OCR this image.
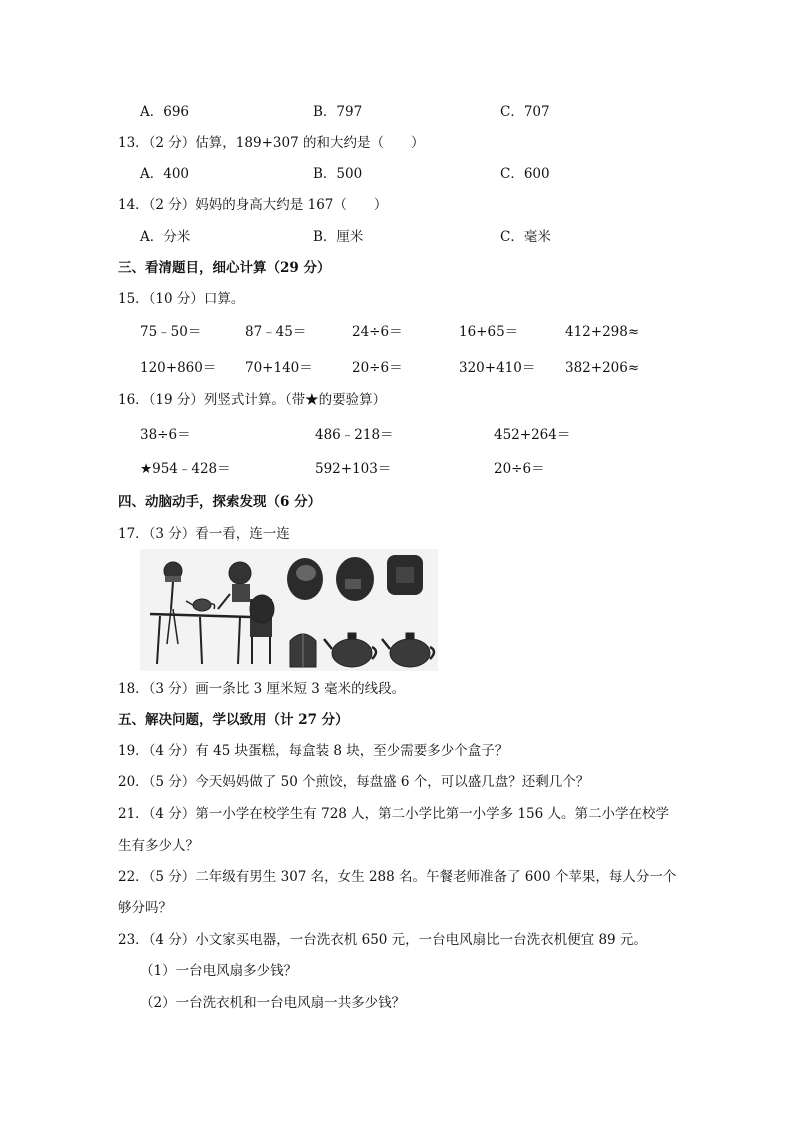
A．696	B．797	C．707
13．（2 分）估算，189+307 的和大约是（　　）
A．400	B．500	C．600
14．（2 分）妈妈的身高大约是 167（　　）
A．分米	B．厘米	C．毫米
三、看清题目，细心计算（29 分）
15．（10 分）口算。
75﹣50＝	87﹣45＝	24÷6＝	16+65＝	412+298≈
120+860＝ 70+140＝	20÷6＝	320+410＝ 382+206≈
16．（19 分）列竖式计算。（带★的要验算）
38÷6＝	486﹣218＝	452+264＝
★954﹣428＝	592+103＝	20÷6＝
四、动脑动手，探索发现（6 分）
17．（3 分）看一看，连一连
18．（3 分）画一条比 3 厘米短 3 毫米的线段。
五、解决问题，学以致用（计 27 分）
19．（4 分）有 45 块蛋糕，每盒装 8 块，至少需要多少个盒子？
20．（5 分）今天妈妈做了 50 个煎饺，每盘盛 6 个，可以盛几盘？还剩几个？
21．（4 分）第一小学在校学生有 728 人，第二小学比第一小学多 156 人。第二小学在校学
生有多少人？
22．（5 分）二年级有男生 307 名，女生 288 名。午餐老师准备了 600 个苹果，每人分一个
够分吗？
23．（4 分）小文家买电器，一台洗衣机 650 元，一台电风扇比一台洗衣机便宜 89 元。
（1）一台电风扇多少钱？
（2）一台洗衣机和一台电风扇一共多少钱？
